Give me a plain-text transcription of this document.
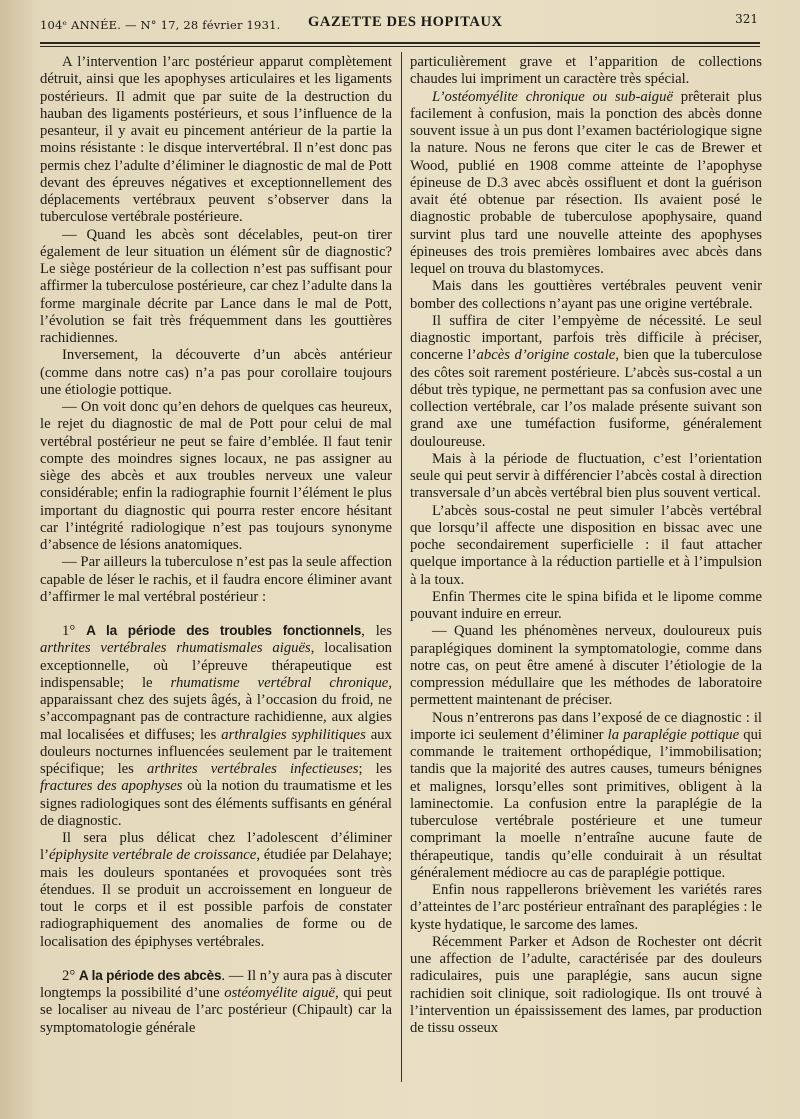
104ᵉ ANNÉE. — N° 17, 28 février 1931. GAZETTE DES HOPITAUX	321

A l’intervention l’arc postérieur apparut complètement détruit, ainsi que les apophyses articulaires et les ligaments postérieurs. Il admit que par suite de la destruction du hauban des ligaments postérieurs, et sous l’influence de la pesanteur, il y avait eu pincement antérieur de la partie la moins résistante : le disque intervertébral. Il n’est donc pas permis chez l’adulte d’éliminer le diagnostic de mal de Pott devant des épreuves négatives et exceptionnellement des déplacements vertébraux peuvent s’observer dans la tuberculose vertébrale postérieure.

— Quand les abcès sont décelables, peut-on tirer également de leur situation un élément sûr de diagnostic? Le siège postérieur de la collection n’est pas suffisant pour affirmer la tuberculose postérieure, car chez l’adulte dans la forme marginale décrite par Lance dans le mal de Pott, l’évolution se fait très fréquemment dans les gouttières rachidiennes.

Inversement, la découverte d’un abcès antérieur (comme dans notre cas) n’a pas pour corollaire toujours une étiologie pottique.

— On voit donc qu’en dehors de quelques cas heureux, le rejet du diagnostic de mal de Pott pour celui de mal vertébral postérieur ne peut se faire d’emblée. Il faut tenir compte des moindres signes locaux, ne pas assigner au siège des abcès et aux troubles nerveux une valeur considérable; enfin la radiographie fournit l’élément le plus important du diagnostic qui pourra rester encore hésitant car l’intégrité radiologique n’est pas toujours synonyme d’absence de lésions anatomiques.

— Par ailleurs la tuberculose n’est pas la seule affection capable de léser le rachis, et il faudra encore éliminer avant d’affirmer le mal vertébral postérieur :

1° A la période des troubles fonctionnels, les arthrites vertébrales rhumatismales aiguës, localisation exceptionnelle, où l’épreuve thérapeutique est indispensable; le rhumatisme vertébral chronique, apparaissant chez des sujets âgés, à l’occasion du froid, ne s’accompagnant pas de contracture rachidienne, aux algies mal localisées et diffuses; les arthralgies syphilitiques aux douleurs nocturnes influencées seulement par le traitement spécifique; les arthrites vertébrales infectieuses; les fractures des apophyses où la notion du traumatisme et les signes radiologiques sont des éléments suffisants en général de diagnostic.

Il sera plus délicat chez l’adolescent d’éliminer l’épiphysite vertébrale de croissance, étudiée par Delahaye; mais les douleurs spontanées et provoquées sont très étendues. Il se produit un accroissement en longueur de tout le corps et il est possible parfois de constater radiographiquement des anomalies de forme ou de localisation des épiphyses vertébrales.

2° A la période des abcès. — Il n’y aura pas à discuter longtemps la possibilité d’une ostéomyélite aiguë, qui peut se localiser au niveau de l’arc postérieur (Chipault) car la symptomatologie générale

particulièrement grave et l’apparition de collections chaudes lui impriment un caractère très spécial.

L’ostéomyélite chronique ou sub-aiguë prêterait plus facilement à confusion, mais la ponction des abcès donne souvent issue à un pus dont l’examen bactériologique signe la nature. Nous ne ferons que citer le cas de Brewer et Wood, publié en 1908 comme atteinte de l’apophyse épineuse de D.3 avec abcès ossifluent et dont la guérison avait été obtenue par résection. Ils avaient posé le diagnostic probable de tuberculose apophysaire, quand survint plus tard une nouvelle atteinte des apophyses épineuses des trois premières lombaires avec abcès dans lequel on trouva du blastomyces.

Mais dans les gouttières vertébrales peuvent venir bomber des collections n’ayant pas une origine vertébrale.

Il suffira de citer l’empyème de nécessité. Le seul diagnostic important, parfois très difficile à préciser, concerne l’abcès d’origine costale, bien que la tuberculose des côtes soit rarement postérieure. L’abcès sus-costal a un début très typique, ne permettant pas sa confusion avec une collection vertébrale, car l’os malade présente suivant son grand axe une tuméfaction fusiforme, généralement douloureuse.

Mais à la période de fluctuation, c’est l’orientation seule qui peut servir à différencier l’abcès costal à direction transversale d’un abcès vertébral bien plus souvent vertical.

L’abcès sous-costal ne peut simuler l’abcès vertébral que lorsqu’il affecte une disposition en bissac avec une poche secondairement superficielle : il faut attacher quelque importance à la réduction partielle et à l’impulsion à la toux.

Enfin Thermes cite le spina bifida et le lipome comme pouvant induire en erreur.

— Quand les phénomènes nerveux, douloureux puis paraplégiques dominent la symptomatologie, comme dans notre cas, on peut être amené à discuter l’étiologie de la compression médullaire que les méthodes de laboratoire permettent maintenant de préciser.

Nous n’entrerons pas dans l’exposé de ce diagnostic : il importe ici seulement d’éliminer la paraplégie pottique qui commande le traitement orthopédique, l’immobilisation; tandis que la majorité des autres causes, tumeurs bénignes et malignes, lorsqu’elles sont primitives, obligent à la laminectomie. La confusion entre la paraplégie de la tuberculose vertébrale postérieure et une tumeur comprimant la moelle n’entraîne aucune faute de thérapeutique, tandis qu’elle conduirait à un résultat généralement médiocre au cas de paraplégie pottique.

Enfin nous rappellerons brièvement les variétés rares d’atteintes de l’arc postérieur entraînant des paraplégies : le kyste hydatique, le sarcome des lames.

Récemment Parker et Adson de Rochester ont décrit une affection de l’adulte, caractérisée par des douleurs radiculaires, puis une paraplégie, sans aucun signe rachidien soit clinique, soit radiologique. Ils ont trouvé à l’intervention un épaississement des lames, par production de tissu osseux
